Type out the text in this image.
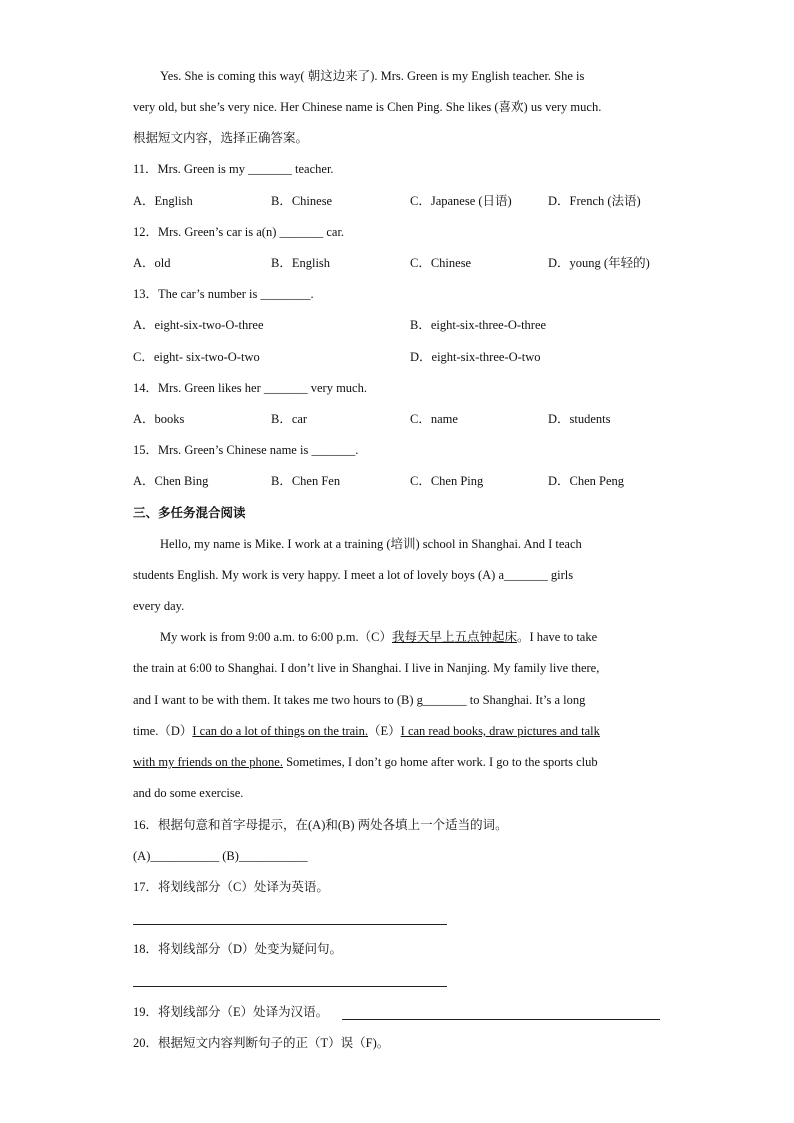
Yes. She is coming this way( 朝这边来了). Mrs. Green is my English teacher. She is
very old, but she’s very nice. Her Chinese name is Chen Ping. She likes (喜欢) us very much.
根据短文内容，选择正确答案。
11．Mrs. Green is my _______ teacher.
A．English	B．Chinese	C．Japanese (日语)	D．French (法语)
12．Mrs. Green’s car is a(n) _______ car.
A．old	B．English	C．Chinese	D．young (年轻的)
13．The car’s number is ________.
A．eight-six-two-O-three	B．eight-six-three-O-three
C．eight- six-two-O-two	D．eight-six-three-O-two
14．Mrs. Green likes her _______ very much.
A．books	B．car	C．name	D．students
15．Mrs. Green’s Chinese name is _______.
A．Chen Bing	B．Chen Fen	C．Chen Ping	D．Chen Peng
三、多任务混合阅读
Hello, my name is Mike. I work at a training (培训) school in Shanghai. And I teach
students English. My work is very happy. I meet a lot of lovely boys (A) a_______ girls
every day.
My work is from 9:00 a.m. to 6:00 p.m.（C）我每天早上五点钟起床。I have to take
the train at 6:00 to Shanghai. I don’t live in Shanghai. I live in Nanjing. My family live there,
and I want to be with them. It takes me two hours to (B) g_______ to Shanghai. It’s a long
time.（D）I can do a lot of things on the train.（E）I can read books, draw pictures and talk
with my friends on the phone. Sometimes, I don’t go home after work. I go to the sports club
and do some exercise.
16．根据句意和首字母提示，在(A)和(B) 两处各填上一个适当的词。
(A)___________ (B)___________
17．将划线部分（C）处译为英语。
18．将划线部分（D）处变为疑问句。
19．将划线部分（E）处译为汉语。
20．根据短文内容判断句子的正（T）误（F)。
